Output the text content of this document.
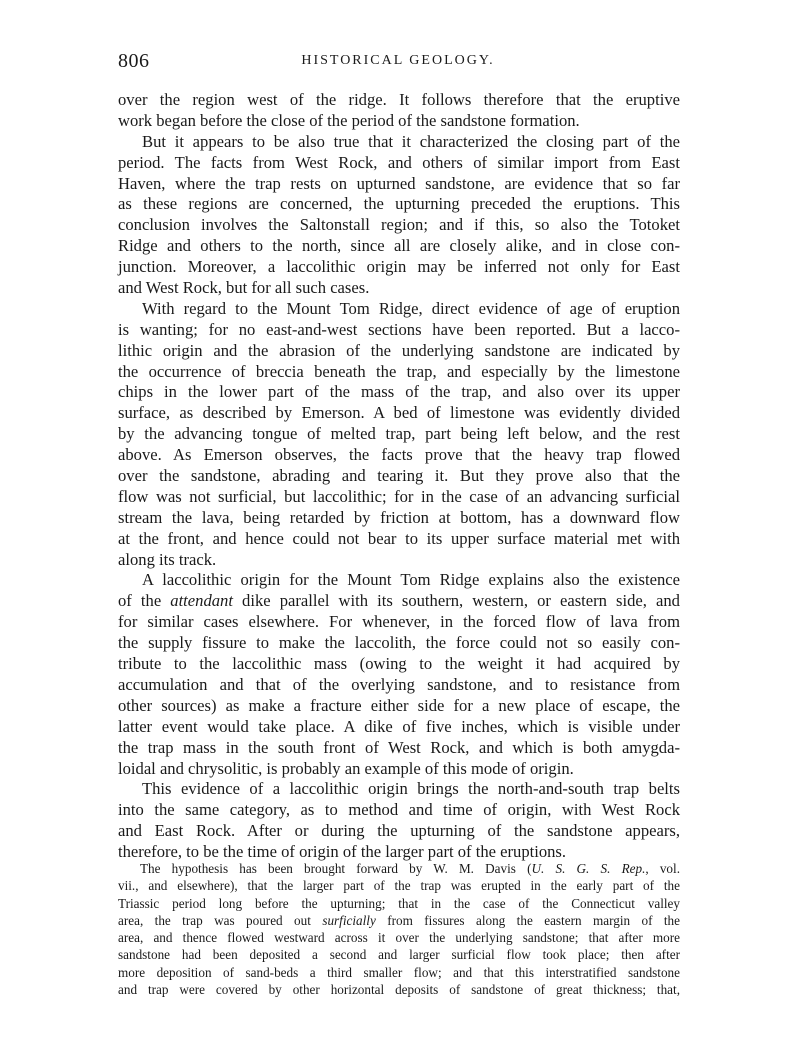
806	HISTORICAL GEOLOGY.
over the region west of the ridge. It follows therefore that the eruptive
work began before the close of the period of the sandstone formation.
But it appears to be also true that it characterized the closing part of the
period. The facts from West Rock, and others of similar import from East
Haven, where the trap rests on upturned sandstone, are evidence that so far
as these regions are concerned, the upturning preceded the eruptions. This
conclusion involves the Saltonstall region; and if this, so also the Totoket
Ridge and others to the north, since all are closely alike, and in close con-
junction. Moreover, a laccolithic origin may be inferred not only for East
and West Rock, but for all such cases.
With regard to the Mount Tom Ridge, direct evidence of age of eruption
is wanting; for no east-and-west sections have been reported. But a lacco-
lithic origin and the abrasion of the underlying sandstone are indicated by
the occurrence of breccia beneath the trap, and especially by the limestone
chips in the lower part of the mass of the trap, and also over its upper
surface, as described by Emerson. A bed of limestone was evidently divided
by the advancing tongue of melted trap, part being left below, and the rest
above. As Emerson observes, the facts prove that the heavy trap flowed
over the sandstone, abrading and tearing it. But they prove also that the
flow was not surficial, but laccolithic; for in the case of an advancing surficial
stream the lava, being retarded by friction at bottom, has a downward flow
at the front, and hence could not bear to its upper surface material met with
along its track.
A laccolithic origin for the Mount Tom Ridge explains also the existence
of the attendant dike parallel with its southern, western, or eastern side, and
for similar cases elsewhere. For whenever, in the forced flow of lava from
the supply fissure to make the laccolith, the force could not so easily con-
tribute to the laccolithic mass (owing to the weight it had acquired by
accumulation and that of the overlying sandstone, and to resistance from
other sources) as make a fracture either side for a new place of escape, the
latter event would take place. A dike of five inches, which is visible under
the trap mass in the south front of West Rock, and which is both amygda-
loidal and chrysolitic, is probably an example of this mode of origin.
This evidence of a laccolithic origin brings the north-and-south trap belts
into the same category, as to method and time of origin, with West Rock
and East Rock. After or during the upturning of the sandstone appears,
therefore, to be the time of origin of the larger part of the eruptions.
The hypothesis has been brought forward by W. M. Davis (U. S. G. S. Rep., vol.
vii., and elsewhere), that the larger part of the trap was erupted in the early part of the
Triassic period long before the upturning; that in the case of the Connecticut valley
area, the trap was poured out surficially from fissures along the eastern margin of the
area, and thence flowed westward across it over the underlying sandstone; that after more
sandstone had been deposited a second and larger surficial flow took place; then after
more deposition of sand-beds a third smaller flow; and that this interstratified sandstone
and trap were covered by other horizontal deposits of sandstone of great thickness; that,
